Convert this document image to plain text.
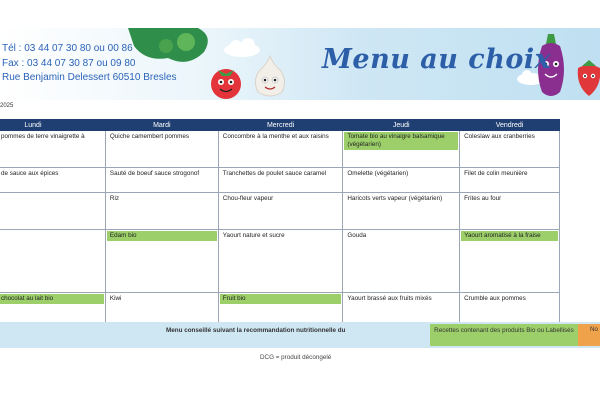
Tél : 03 44 07 30 80 ou 00 86
Fax : 03 44 07 30 87 ou 09 80
Rue Benjamin Delessert 60510 Bresles
Menu au choix
2025
Lundi	Mardi	Mercredi	Jeudi	Vendredi
pommes de terre vinaigrette à	Quiche camembert pommes	Concombre à la menthe et aux raisins	Tomate bio au vinaigre balsamique (végétarien)	Coleslaw aux cranberries
de sauce aux épices	Sauté de boeuf sauce strogonof	Tranchettes de poulet sauce caramel	Omelette (végétarien)	Filet de colin meunière
	Riz	Chou-fleur vapeur	Haricots verts vapeur (végétarien)	Frites au four

	Edam bio	Yaourt nature et sucre	Gouda	Yaourt aromatisé à la fraise

chocolat au lait bio	Kiwi	Fruit bio	Yaourt brassé aux fruits mixés	Crumble aux pommes
Menu conseillé suivant la recommandation nutritionnelle du	Recettes contenant des produits Bio ou Labellisés	No
DCG = produit décongelé
